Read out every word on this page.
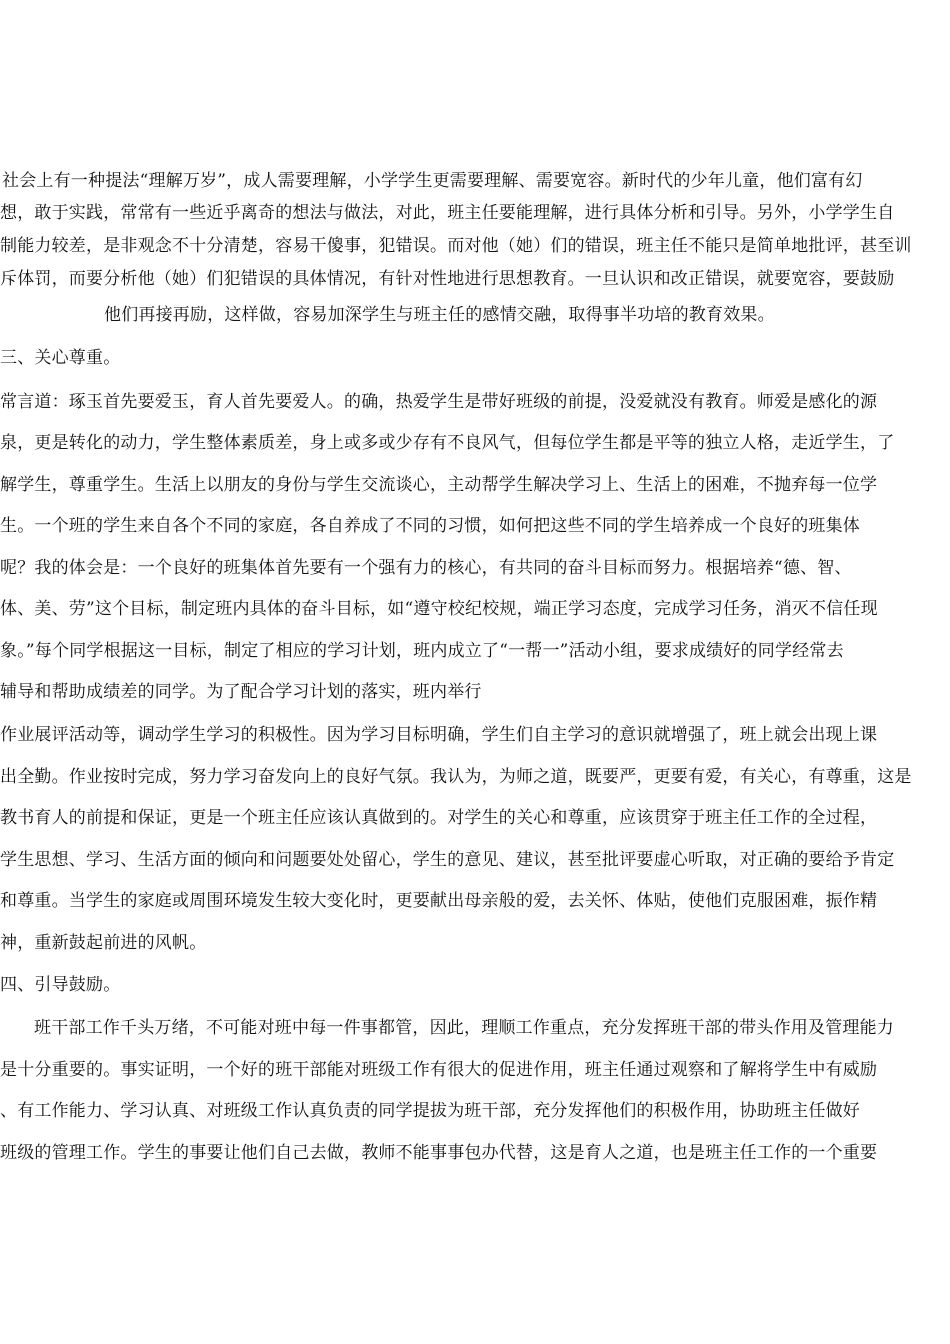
社会上有一种提法“理解万岁”，成人需要理解，小学学生更需要理解、需要宽容。新时代的少年儿童，他们富有幻
想，敢于实践，常常有一些近乎离奇的想法与做法，对此，班主任要能理解，进行具体分析和引导。另外，小学学生自
制能力较差，是非观念不十分清楚，容易干傻事，犯错误。而对他（她）们的错误，班主任不能只是简单地批评，甚至训
斥体罚，而要分析他（她）们犯错误的具体情况，有针对性地进行思想教育。一旦认识和改正错误，就要宽容，要鼓励
他们再接再励，这样做，容易加深学生与班主任的感情交融，取得事半功培的教育效果。
三、关心尊重。
常言道：琢玉首先要爱玉，育人首先要爱人。的确，热爱学生是带好班级的前提，没爱就没有教育。师爱是感化的源
泉，更是转化的动力，学生整体素质差，身上或多或少存有不良风气，但每位学生都是平等的独立人格，走近学生，了
解学生，尊重学生。生活上以朋友的身份与学生交流谈心，主动帮学生解决学习上、生活上的困难，不抛弃每一位学
生。一个班的学生来自各个不同的家庭，各自养成了不同的习惯，如何把这些不同的学生培养成一个良好的班集体
呢？我的体会是：一个良好的班集体首先要有一个强有力的核心，有共同的奋斗目标而努力。根据培养“德、智、
体、美、劳”这个目标，制定班内具体的奋斗目标，如“遵守校纪校规，端正学习态度，完成学习任务，消灭不信任现
象。”每个同学根据这一目标，制定了相应的学习计划，班内成立了“一帮一”活动小组，要求成绩好的同学经常去
辅导和帮助成绩差的同学。为了配合学习计划的落实，班内举行
作业展评活动等，调动学生学习的积极性。因为学习目标明确，学生们自主学习的意识就增强了，班上就会出现上课
出全勤。作业按时完成，努力学习奋发向上的良好气氛。我认为，为师之道，既要严，更要有爱，有关心，有尊重，这是
教书育人的前提和保证，更是一个班主任应该认真做到的。对学生的关心和尊重，应该贯穿于班主任工作的全过程，
学生思想、学习、生活方面的倾向和问题要处处留心，学生的意见、建议，甚至批评要虚心听取，对正确的要给予肯定
和尊重。当学生的家庭或周围环境发生较大变化时，更要献出母亲般的爱，去关怀、体贴，使他们克服困难，振作精
神，重新鼓起前进的风帆。
四、引导鼓励。
班干部工作千头万绪，不可能对班中每一件事都管，因此，理顺工作重点，充分发挥班干部的带头作用及管理能力
是十分重要的。事实证明，一个好的班干部能对班级工作有很大的促进作用，班主任通过观察和了解将学生中有威励
、有工作能力、学习认真、对班级工作认真负责的同学提拔为班干部，充分发挥他们的积极作用，协助班主任做好
班级的管理工作。学生的事要让他们自己去做，教师不能事事包办代替，这是育人之道，也是班主任工作的一个重要
